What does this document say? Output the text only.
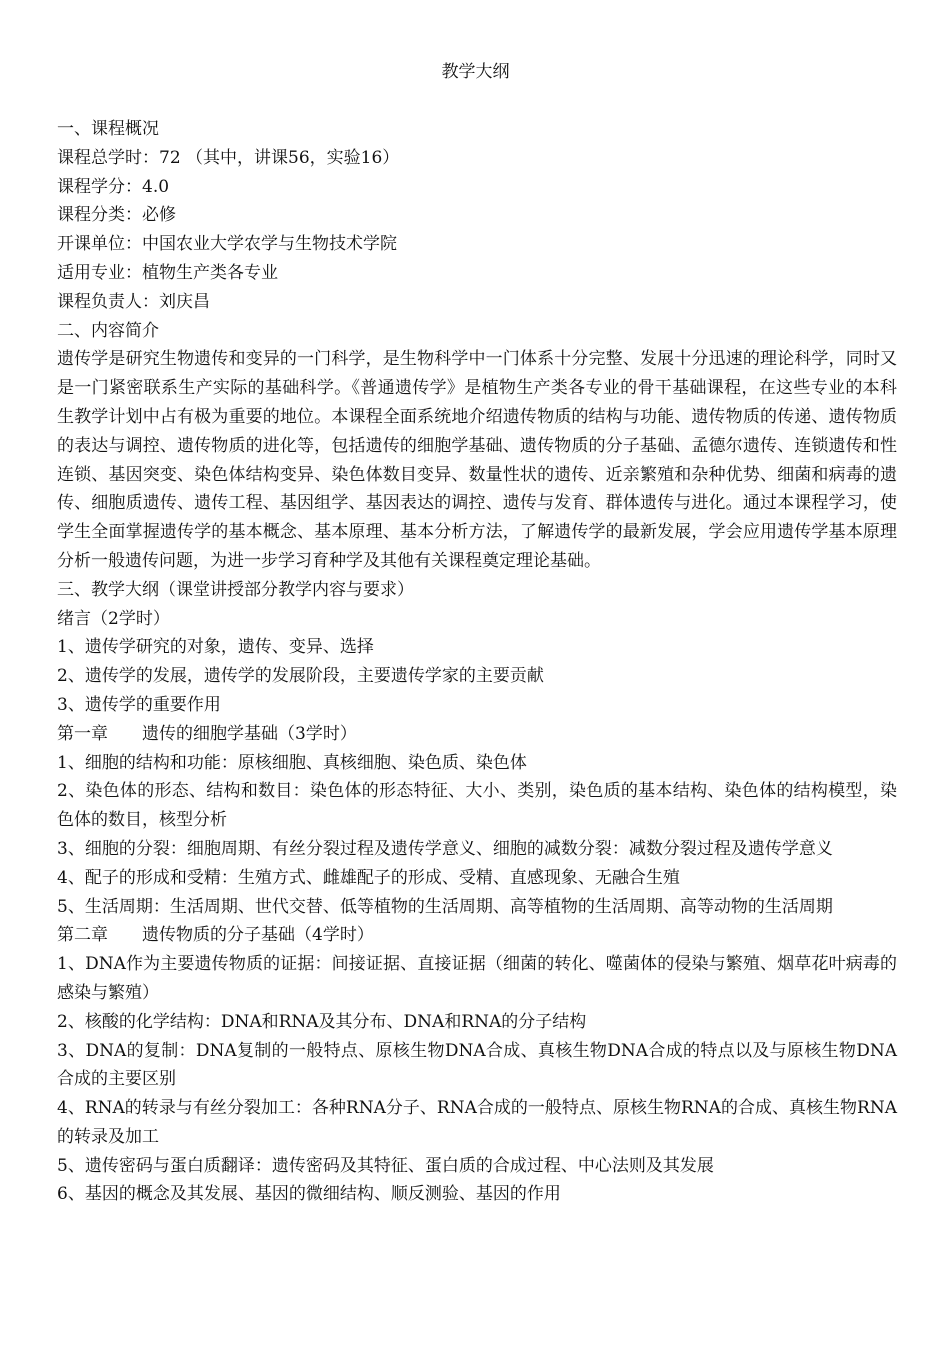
教学大纲

一、课程概况

课程总学时：72 （其中，讲课56，实验16）

课程学分：4.0

课程分类：必修

开课单位：中国农业大学农学与生物技术学院

适用专业：植物生产类各专业

课程负责人：刘庆昌

二、内容简介

遗传学是研究生物遗传和变异的一门科学，是生物科学中一门体系十分完整、发展十分迅速的理论科学，同时又是一门紧密联系生产实际的基础科学。《普通遗传学》是植物生产类各专业的骨干基础课程，在这些专业的本科生教学计划中占有极为重要的地位。本课程全面系统地介绍遗传物质的结构与功能、遗传物质的传递、遗传物质的表达与调控、遗传物质的进化等，包括遗传的细胞学基础、遗传物质的分子基础、孟德尔遗传、连锁遗传和性连锁、基因突变、染色体结构变异、染色体数目变异、数量性状的遗传、近亲繁殖和杂种优势、细菌和病毒的遗传、细胞质遗传、遗传工程、基因组学、基因表达的调控、遗传与发育、群体遗传与进化。通过本课程学习，使学生全面掌握遗传学的基本概念、基本原理、基本分析方法，了解遗传学的最新发展，学会应用遗传学基本原理分析一般遗传问题，为进一步学习育种学及其他有关课程奠定理论基础。

三、教学大纲（课堂讲授部分教学内容与要求）

绪言（2学时）

1、遗传学研究的对象，遗传、变异、选择

2、遗传学的发展，遗传学的发展阶段，主要遗传学家的主要贡献

3、遗传学的重要作用

第一章　　遗传的细胞学基础（3学时）

1、细胞的结构和功能：原核细胞、真核细胞、染色质、染色体

2、染色体的形态、结构和数目：染色体的形态特征、大小、类别，染色质的基本结构、染色体的结构模型，染色体的数目，核型分析

3、细胞的分裂：细胞周期、有丝分裂过程及遗传学意义、细胞的减数分裂：减数分裂过程及遗传学意义

4、配子的形成和受精：生殖方式、雌雄配子的形成、受精、直感现象、无融合生殖

5、生活周期：生活周期、世代交替、低等植物的生活周期、高等植物的生活周期、高等动物的生活周期

第二章　　遗传物质的分子基础（4学时）

1、DNA作为主要遗传物质的证据：间接证据、直接证据（细菌的转化、噬菌体的侵染与繁殖、烟草花叶病毒的感染与繁殖）

2、核酸的化学结构：DNA和RNA及其分布、DNA和RNA的分子结构

3、DNA的复制：DNA复制的一般特点、原核生物DNA合成、真核生物DNA合成的特点以及与原核生物DNA合成的主要区别

4、RNA的转录与有丝分裂加工：各种RNA分子、RNA合成的一般特点、原核生物RNA的合成、真核生物RNA的转录及加工

5、遗传密码与蛋白质翻译：遗传密码及其特征、蛋白质的合成过程、中心法则及其发展

6、基因的概念及其发展、基因的微细结构、顺反测验、基因的作用
